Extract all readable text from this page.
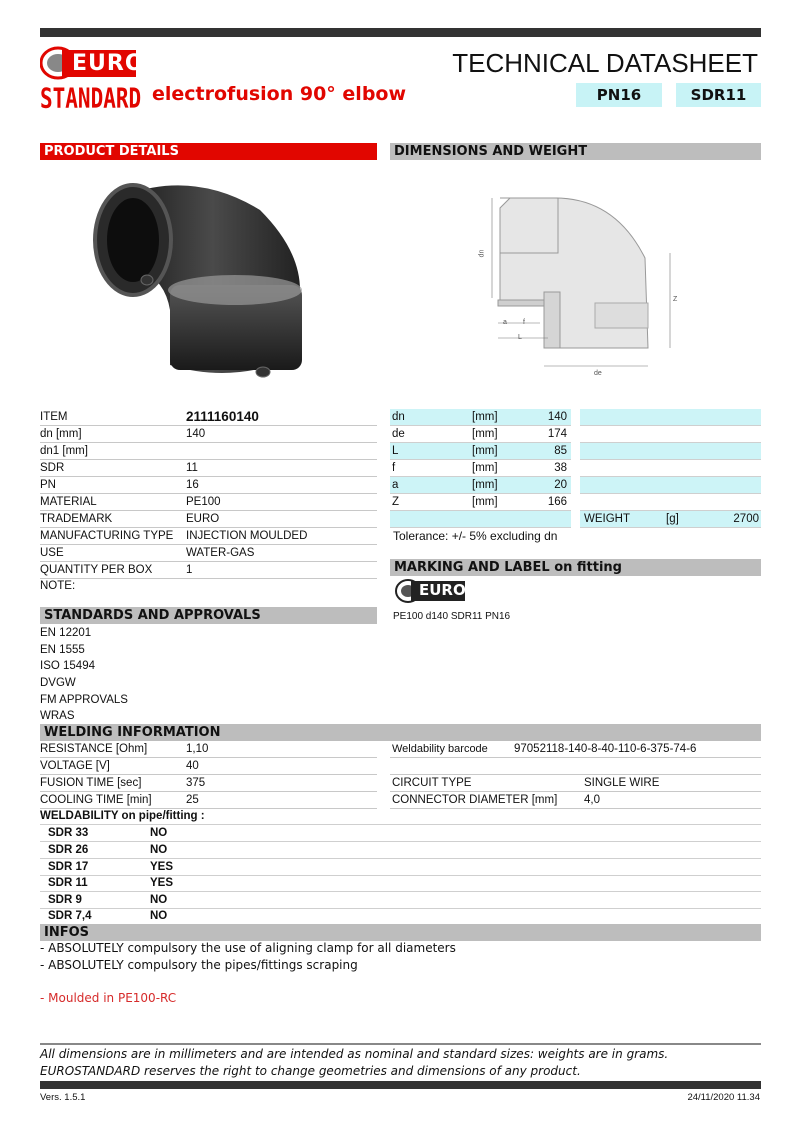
EURO
STANDARD electrofusion 90° elbow
TECHNICAL DATASHEET
PN16	SDR11
PRODUCT DETAILS	DIMENSIONS AND WEIGHT
dn
a f
L
Z
de
ITEM	2111160140
dn [mm]	140
dn1 [mm]
SDR	11
PN	16
MATERIAL	PE100
TRADEMARK	EURO
MANUFACTURING TYPE INJECTION MOULDED
USE	WATER-GAS
QUANTITY PER BOX	1
NOTE:
dn	[mm]	140
de	[mm]	174
L	[mm]	85
f	[mm]	38
a	[mm]	20
Z	[mm]	166
WEIGHT	[g]	2700
Tolerance: +/- 5% excluding dn
MARKING AND LABEL on fitting
EURO
PE100 d140 SDR11 PN16
STANDARDS AND APPROVALS
EN 12201
EN 1555
ISO 15494
DVGW
FM APPROVALS
WRAS
WELDING INFORMATION
RESISTANCE [Ohm]	1,10
VOLTAGE [V]	40
FUSION TIME [sec]	375
COOLING TIME [min]	25
Weldability barcode 97052118-140-8-40-110-6-375-74-6
CIRCUIT TYPE	SINGLE WIRE
CONNECTOR DIAMETER [mm] 4,0
WELDABILITY on pipe/fitting :
SDR 33	NO
SDR 26	NO
SDR 17	YES
SDR 11	YES
SDR 9	NO
SDR 7,4	NO
INFOS
- ABSOLUTELY compulsory the use of aligning clamp for all diameters
- ABSOLUTELY compulsory the pipes/fittings scraping
- Moulded in PE100-RC
All dimensions are in millimeters and are intended as nominal and standard sizes: weights are in grams.
EUROSTANDARD reserves the right to change geometries and dimensions of any product.
Vers. 1.5.1	24/11/2020 11.34
